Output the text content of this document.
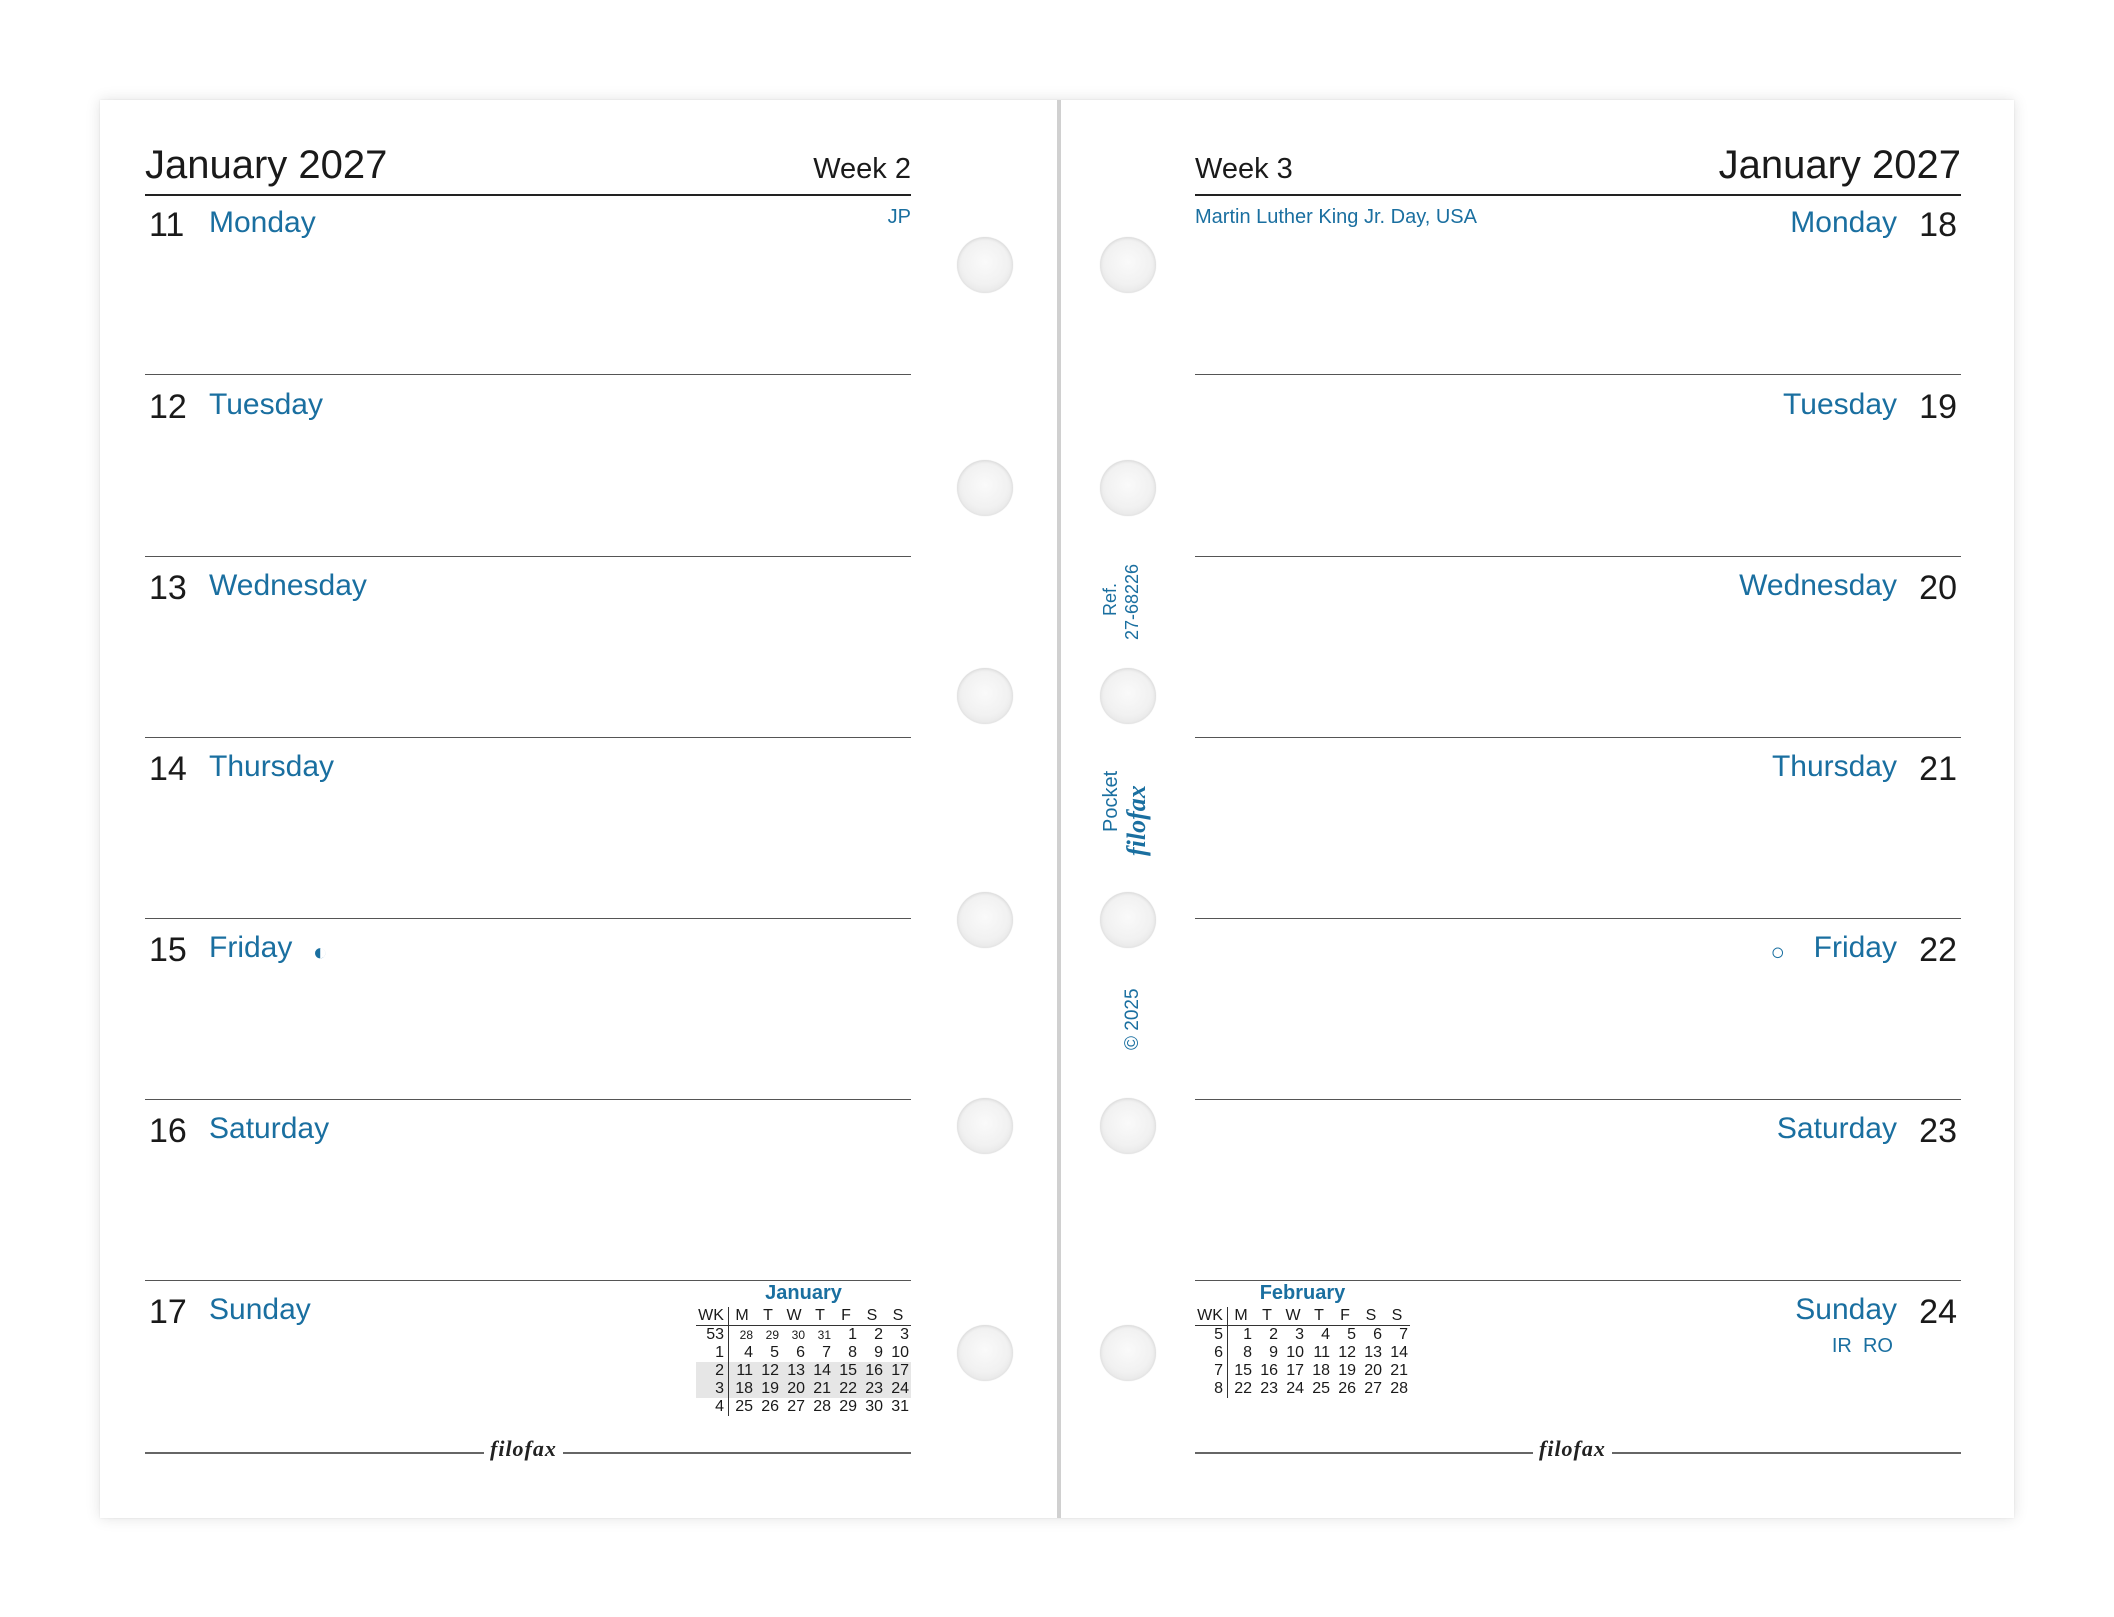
January 2027	Week 2
11 Monday	JP
12 Tuesday
13 Wednesday
14 Thursday
15 Friday ◐
16 Saturday
17 Sunday	January
WK	M	T	W	T	F	S	S
53	28	29	30	31	1	2	3
1	4	5	6	7	8	9	10
2	11	12	13	14	15	16	17
3	18	19	20	21	22	23	24
4	25	26	27	28	29	30	31
filofax
Week 3	January 2027
Martin Luther King Jr. Day, USA	Monday 18
Tuesday 19
Wednesday 20
Thursday 21
○ Friday 22
Saturday 23
Sunday 24
IR  RO
February
WK	M	T	W	T	F	S	S
5	1	2	3	4	5	6	7
6	8	9	10	11	12	13	14
7	15	16	17	18	19	20	21
8	22	23	24	25	26	27	28
filofax
Ref. 27-68226
Pocket filofax
© 2025
